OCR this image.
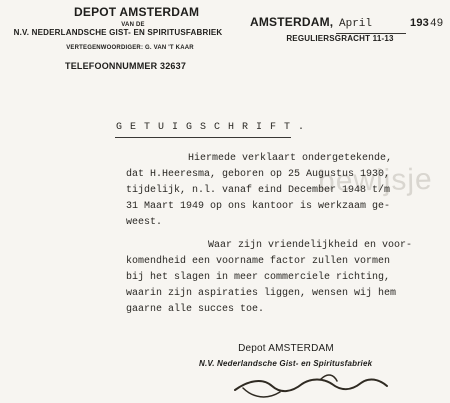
bewijsje
DEPOT AMSTERDAM
VAN DE
N.V. NEDERLANDSCHE GIST- EN SPIRITUSFABRIEK
VERTEGENWOORDIGER: G. VAN 'T KAAR
TELEFOONNUMMER 32637
AMSTERDAM, April	193 49
REGULIERSGRACHT 11-13
G E T U I G S C H R I F T .
Hiermede verklaart ondergetekende,
dat H.Heeresma, geboren op 25 Augustus 1930,
tijdelijk, n.l. vanaf eind December 1948 t/m
31 Maart 1949 op ons kantoor is werkzaam ge-
weest.
Waar zijn vriendelijkheid en voor-
komendheid een voorname factor zullen vormen
bij het slagen in meer commerciele richting,
waarin zijn aspiraties liggen, wensen wij hem
gaarne alle succes toe.
Depot AMSTERDAM
N.V. Nederlandsche Gist- en Spiritusfabriek
